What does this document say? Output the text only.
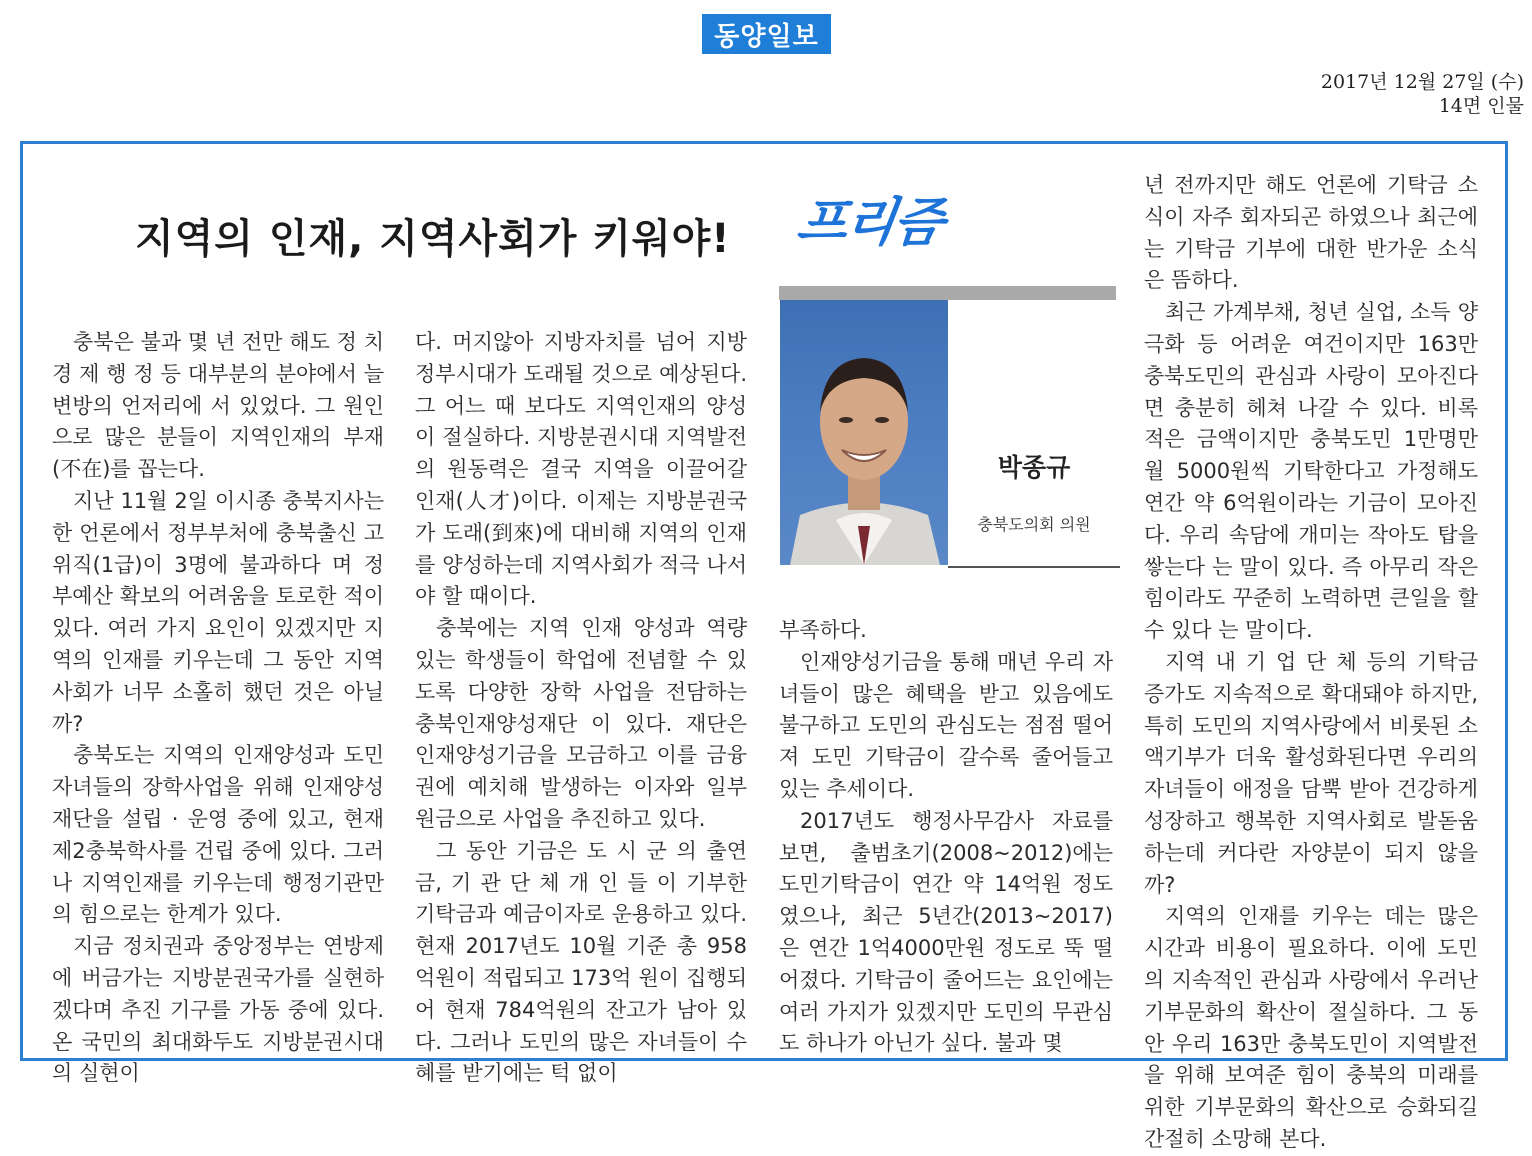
동양일보
2017년 12월 27일 (수)
14면 인물
지역의 인재, 지역사회가 키워야! 프리즘
박종규
충북도의회 의원

충북은 불과 몇 년 전만 해도 정 치 경 제 행 정 등 대부분의 분야에서 늘 변방의 언저리에 서 있었다. 그 원인으로 많은 분들이 지역인재의 부재(不在)를 꼽는다.

지난 11월 2일 이시종 충북지사는 한 언론에서 정부부처에 충북출신 고위직(1급)이 3명에 불과하다 며 정부예산 확보의 어려움을 토로한 적이 있다. 여러 가지 요인이 있겠지만 지역의 인재를 키우는데 그 동안 지역사회가 너무 소홀히 했던 것은 아닐까?

충북도는 지역의 인재양성과 도민 자녀들의 장학사업을 위해 인재양성재단을 설립 · 운영 중에 있고, 현재 제2충북학사를 건립 중에 있다. 그러나 지역인재를 키우는데 행정기관만의 힘으로는 한계가 있다.

지금 정치권과 중앙정부는 연방제에 버금가는 지방분권국가를 실현하겠다며 추진 기구를 가동 중에 있다. 온 국민의 최대화두도 지방분권시대의 실현이

다. 머지않아 지방자치를 넘어 지방정부시대가 도래될 것으로 예상된다. 그 어느 때 보다도 지역인재의 양성이 절실하다. 지방분권시대 지역발전의 원동력은 결국 지역을 이끌어갈 인재(人才)이다. 이제는 지방분권국가 도래(到來)에 대비해 지역의 인재를 양성하는데 지역사회가 적극 나서야 할 때이다.

충북에는 지역 인재 양성과 역량 있는 학생들이 학업에 전념할 수 있도록 다양한 장학 사업을 전담하는 충북인재양성재단 이 있다. 재단은 인재양성기금을 모금하고 이를 금융권에 예치해 발생하는 이자와 일부 원금으로 사업을 추진하고 있다.

그 동안 기금은 도 시 군 의 출연금, 기 관 단 체 개 인 들 이 기부한 기탁금과 예금이자로 운용하고 있다. 현재 2017년도 10월 기준 총 958억원이 적립되고 173억 원이 집행되어 현재 784억원의 잔고가 남아 있다. 그러나 도민의 많은 자녀들이 수혜를 받기에는 턱 없이

부족하다.

인재양성기금을 통해 매년 우리 자녀들이 많은 혜택을 받고 있음에도 불구하고 도민의 관심도는 점점 떨어져 도민 기탁금이 갈수록 줄어들고 있는 추세이다.

2017년도 행정사무감사 자료를 보면, 출범초기(2008~2012)에는 도민기탁금이 연간 약 14억원 정도였으나, 최근 5년간(2013~2017)은 연간 1억4000만원 정도로 뚝 떨어졌다. 기탁금이 줄어드는 요인에는 여러 가지가 있겠지만 도민의 무관심도 하나가 아닌가 싶다. 불과 몇

년 전까지만 해도 언론에 기탁금 소식이 자주 회자되곤 하였으나 최근에는 기탁금 기부에 대한 반가운 소식은 뜸하다.

최근 가계부채, 청년 실업, 소득 양극화 등 어려운 여건이지만 163만 충북도민의 관심과 사랑이 모아진다면 충분히 헤쳐 나갈 수 있다. 비록 적은 금액이지만 충북도민 1만명만 월 5000원씩 기탁한다고 가정해도 연간 약 6억원이라는 기금이 모아진다. 우리 속담에 개미는 작아도 탑을 쌓는다 는 말이 있다. 즉 아무리 작은 힘이라도 꾸준히 노력하면 큰일을 할 수 있다 는 말이다.

지역 내 기 업 단 체 등의 기탁금 증가도 지속적으로 확대돼야 하지만, 특히 도민의 지역사랑에서 비롯된 소액기부가 더욱 활성화된다면 우리의 자녀들이 애정을 담뿍 받아 건강하게 성장하고 행복한 지역사회로 발돋움하는데 커다란 자양분이 되지 않을까?

지역의 인재를 키우는 데는 많은 시간과 비용이 필요하다. 이에 도민의 지속적인 관심과 사랑에서 우러난 기부문화의 확산이 절실하다. 그 동안 우리 163만 충북도민이 지역발전을 위해 보여준 힘이 충북의 미래를 위한 기부문화의 확산으로 승화되길 간절히 소망해 본다.
